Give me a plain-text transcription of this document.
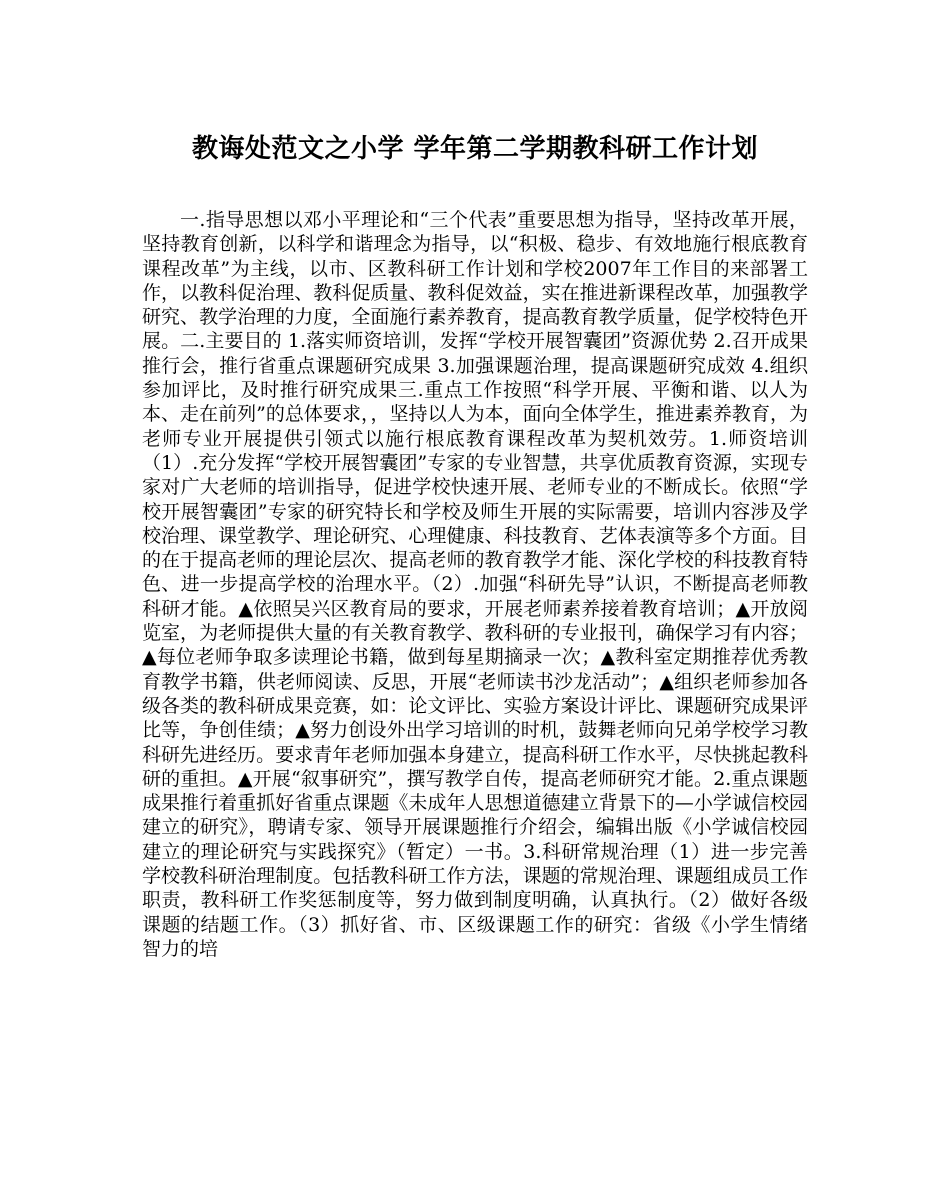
教诲处范文之小学 学年第二学期教科研工作计划

一.指导思想以邓小平理论和“三个代表”重要思想为指导，坚持改革开展，坚持教育创新，以科学和谐理念为指导，以“积极、稳步、有效地施行根底教育课程改革”为主线，以市、区教科研工作计划和学校2007年工作目的来部署工作，以教科促治理、教科促质量、教科促效益，实在推进新课程改革，加强教学研究、教学治理的力度，全面施行素养教育，提高教育教学质量，促学校特色开展。二.主要目的 1.落实师资培训，发挥“学校开展智囊团”资源优势 2.召开成果推行会，推行省重点课题研究成果 3.加强课题治理，提高课题研究成效 4.组织参加评比，及时推行研究成果三.重点工作按照“科学开展、平衡和谐、以人为本、走在前列”的总体要求，，坚持以人为本，面向全体学生，推进素养教育，为老师专业开展提供引领式以施行根底教育课程改革为契机效劳。1.师资培训（1）.充分发挥“学校开展智囊团”专家的专业智慧，共享优质教育资源，实现专家对广大老师的培训指导，促进学校快速开展、老师专业的不断成长。依照“学校开展智囊团”专家的研究特长和学校及师生开展的实际需要，培训内容涉及学校治理、课堂教学、理论研究、心理健康、科技教育、艺体表演等多个方面。目的在于提高老师的理论层次、提高老师的教育教学才能、深化学校的科技教育特色、进一步提高学校的治理水平。（2）.加强“科研先导”认识，不断提高老师教科研才能。▲依照吴兴区教育局的要求，开展老师素养接着教育培训；▲开放阅览室，为老师提供大量的有关教育教学、教科研的专业报刊，确保学习有内容；▲每位老师争取多读理论书籍，做到每星期摘录一次；▲教科室定期推荐优秀教育教学书籍，供老师阅读、反思，开展“老师读书沙龙活动”；▲组织老师参加各级各类的教科研成果竞赛，如：论文评比、实验方案设计评比、课题研究成果评比等，争创佳绩；▲努力创设外出学习培训的时机，鼓舞老师向兄弟学校学习教科研先进经历。要求青年老师加强本身建立，提高科研工作水平，尽快挑起教科研的重担。▲开展“叙事研究”，撰写教学自传，提高老师研究才能。2.重点课题成果推行着重抓好省重点课题《未成年人思想道德建立背景下的—小学诚信校园建立的研究》，聘请专家、领导开展课题推行介绍会，编辑出版《小学诚信校园建立的理论研究与实践探究》（暂定）一书。3.科研常规治理（1）进一步完善学校教科研治理制度。包括教科研工作方法，课题的常规治理、课题组成员工作职责，教科研工作奖惩制度等，努力做到制度明确，认真执行。（2）做好各级课题的结题工作。（3）抓好省、市、区级课题工作的研究：省级《小学生情绪智力的培
